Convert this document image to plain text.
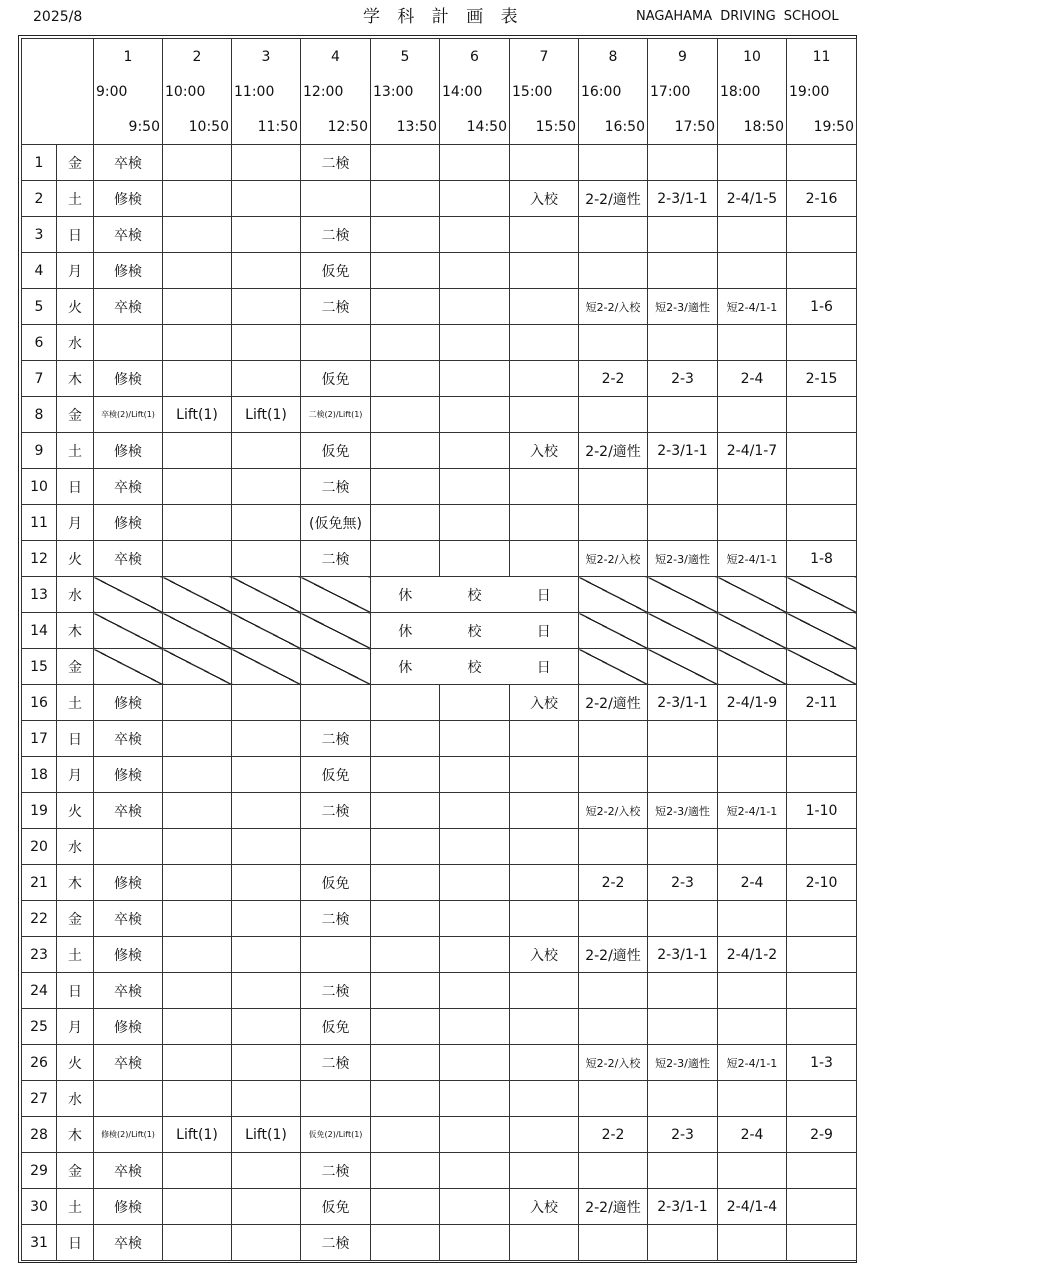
2025/8	学 科 計 画 表	NAGAHAMA DRIVING SCHOOL
		1	2	3	4	5	6	7	8	9	10	11
		9:00	10:00	11:00	12:00	13:00	14:00	15:00	16:00	17:00	18:00	19:00
		9:50	10:50	11:50	12:50	13:50	14:50	15:50	16:50	17:50	18:50	19:50
1	金	卒検			二検							
2	土	修検						入校	2-2/適性	2-3/1-1	2-4/1-5	2-16
3	日	卒検			二検							
4	月	修検			仮免							
5	火	卒検			二検				短2-2/入校	短2-3/適性	短2-4/1-1	1-6
6	水											
7	木	修検			仮免				2-2	2-3	2-4	2-15
8	金	卒検(2)/Lift(1)	Lift(1)	Lift(1)	二検(2)/Lift(1)							
9	土	修検			仮免			入校	2-2/適性	2-3/1-1	2-4/1-7	
10	日	卒検			二検							
11	月	修検			(仮免無)							
12	火	卒検			二検				短2-2/入校	短2-3/適性	短2-4/1-1	1-8
13	水					休	校	日				
14	木					休	校	日				
15	金					休	校	日				
16	土	修検						入校	2-2/適性	2-3/1-1	2-4/1-9	2-11
17	日	卒検			二検							
18	月	修検			仮免							
19	火	卒検			二検				短2-2/入校	短2-3/適性	短2-4/1-1	1-10
20	水											
21	木	修検			仮免				2-2	2-3	2-4	2-10
22	金	卒検			二検							
23	土	修検						入校	2-2/適性	2-3/1-1	2-4/1-2	
24	日	卒検			二検							
25	月	修検			仮免							
26	火	卒検			二検				短2-2/入校	短2-3/適性	短2-4/1-1	1-3
27	水											
28	木	修検(2)/Lift(1)	Lift(1)	Lift(1)	仮免(2)/Lift(1)				2-2	2-3	2-4	2-9
29	金	卒検			二検							
30	土	修検			仮免			入校	2-2/適性	2-3/1-1	2-4/1-4	
31	日	卒検			二検							
